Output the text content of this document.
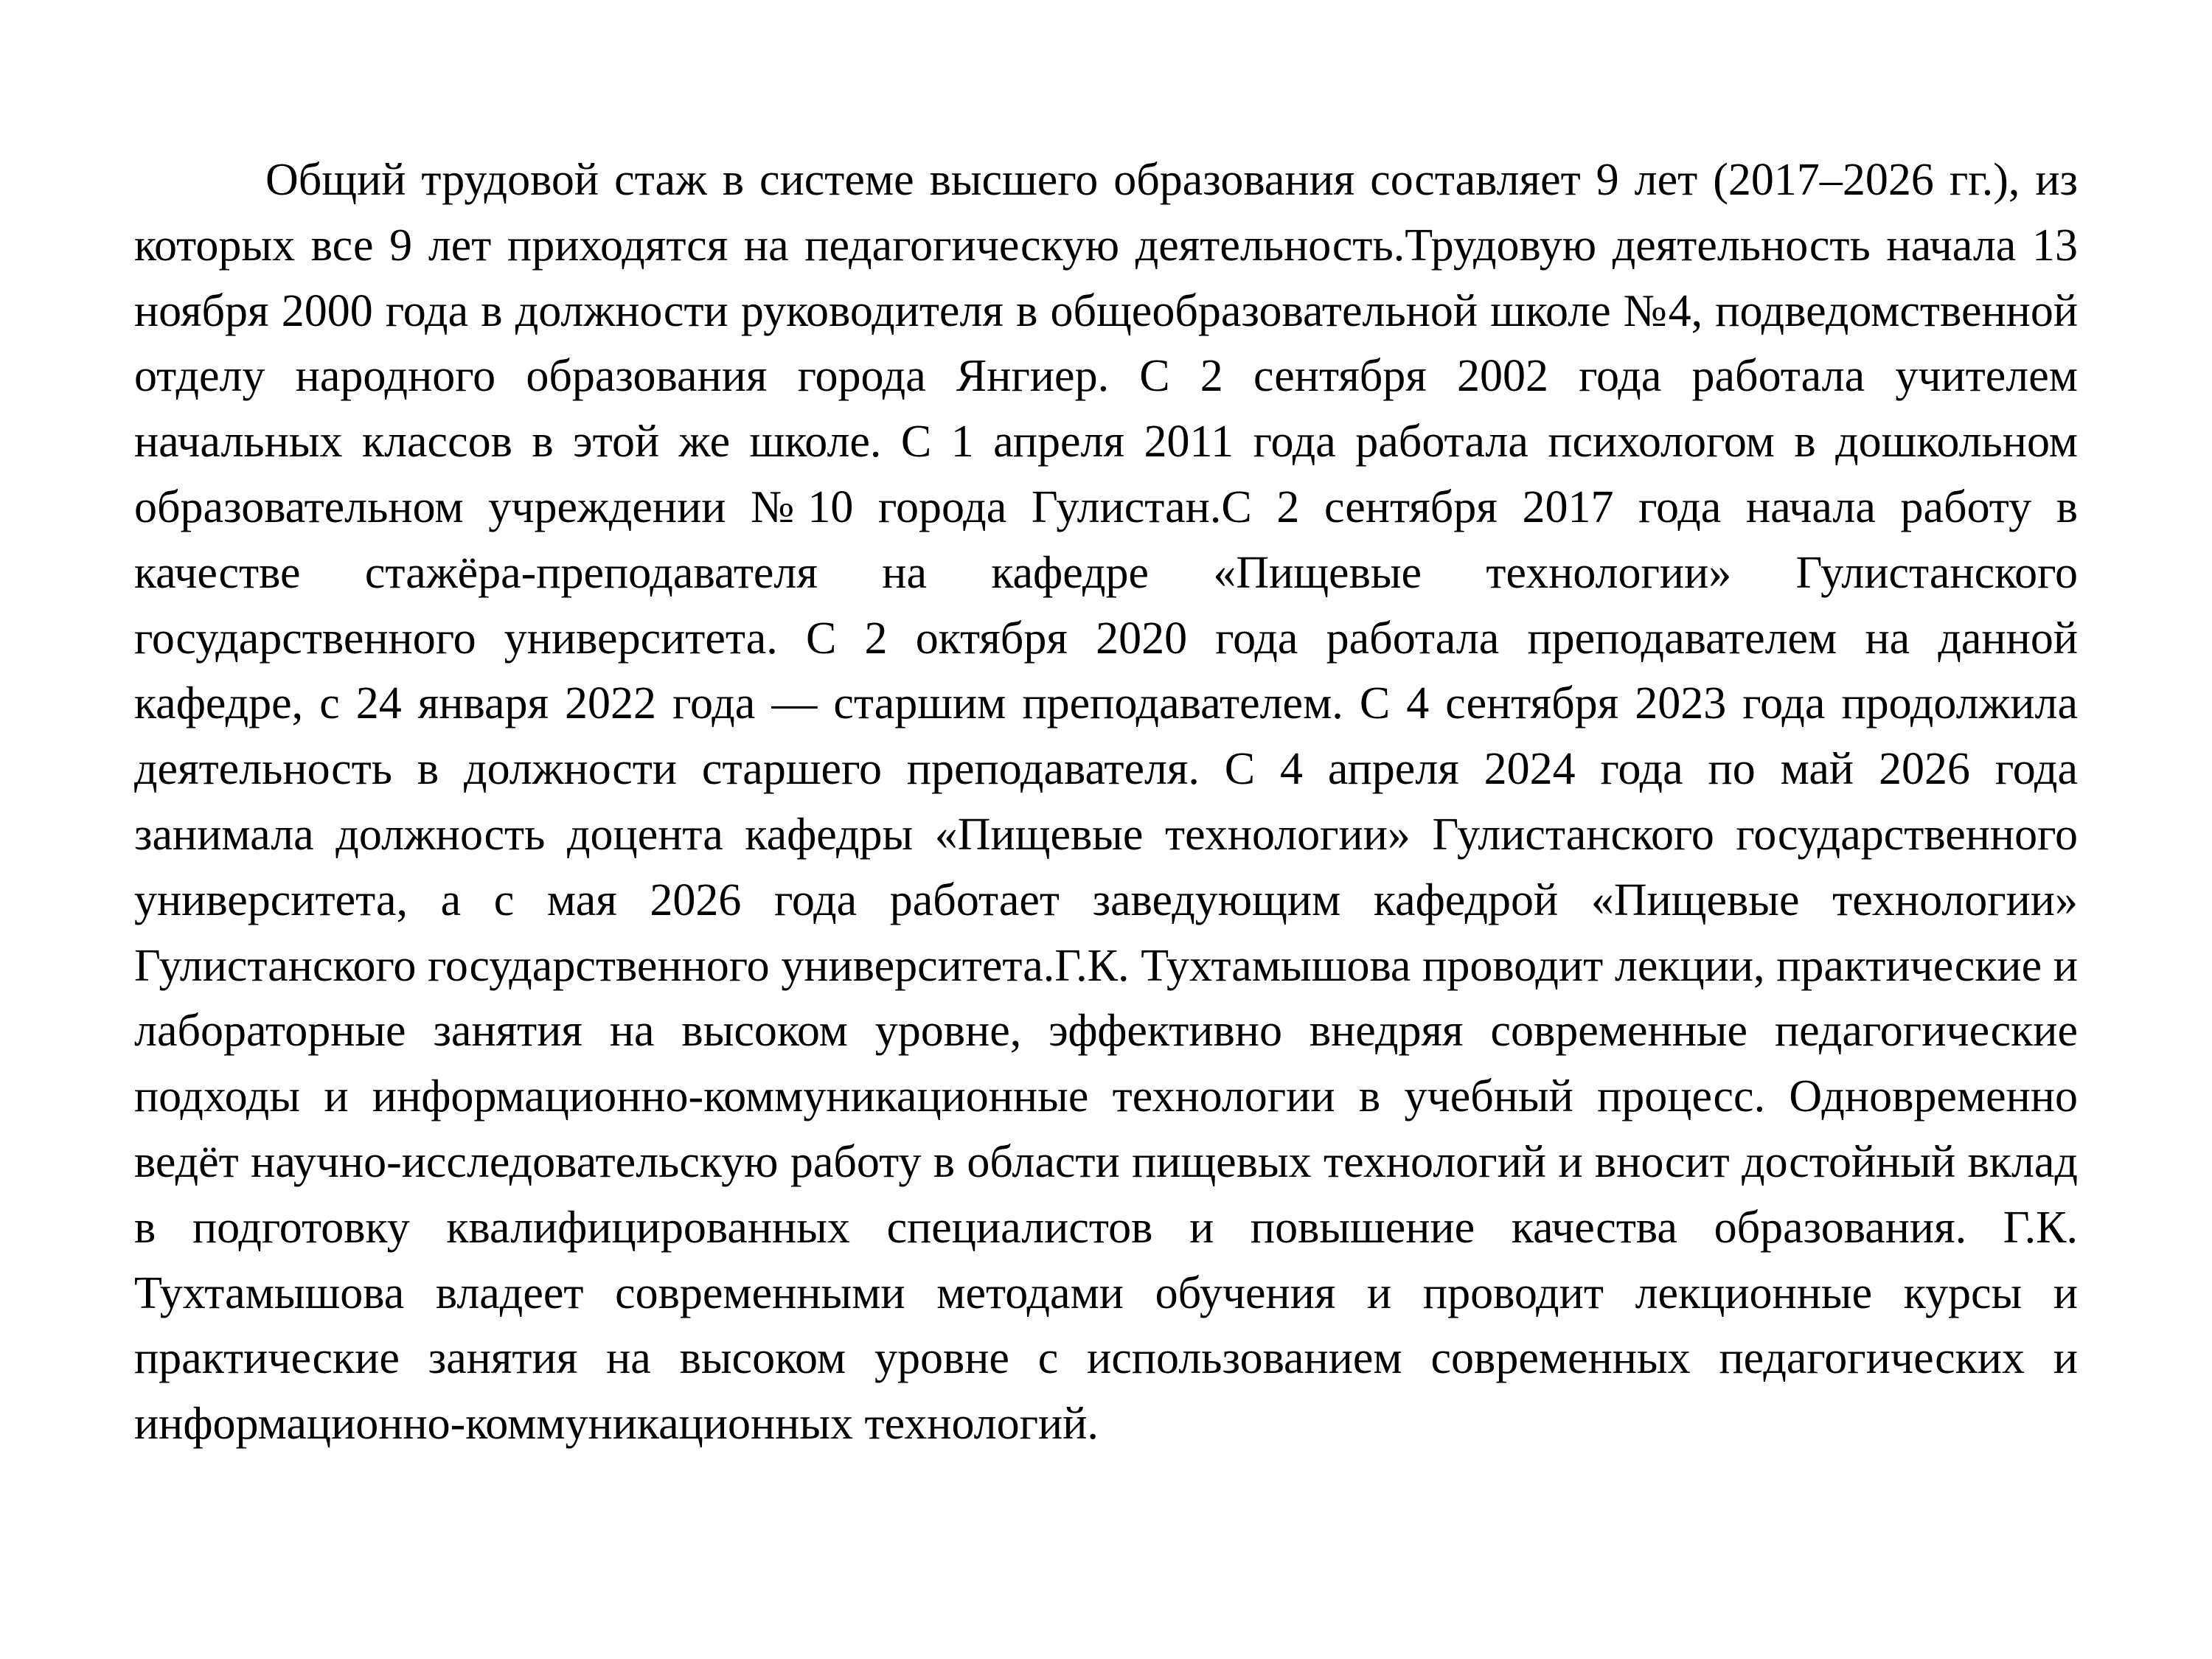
Общий трудовой стаж в системе высшего образования составляет 9 лет (2017–2026 гг.), из которых все 9 лет приходятся на педагогическую деятельность.Трудовую деятельность начала 13 ноября 2000 года в должности руководителя в общеобразовательной школе №4, подведомственной отделу народного образования города Янгиер. С 2 сентября 2002 года работала учителем начальных классов в этой же школе. С 1 апреля 2011 года работала психологом в дошкольном образовательном учреждении №10 города Гулистан.С 2 сентября 2017 года начала работу в качестве стажёра-преподавателя на кафедре «Пищевые технологии» Гулистанского государственного университета. С 2 октября 2020 года работала преподавателем на данной кафедре, с 24 января 2022 года — старшим преподавателем. С 4 сентября 2023 года продолжила деятельность в должности старшего преподавателя. С 4 апреля 2024 года по май 2026 года занимала должность доцента кафедры «Пищевые технологии» Гулистанского государственного университета, а с мая 2026 года работает заведующим кафедрой «Пищевые технологии» Гулистанского государственного университета.Г.К. Тухтамышова проводит лекции, практические и лабораторные занятия на высоком уровне, эффективно внедряя современные педагогические подходы и информационно-коммуникационные технологии в учебный процесс. Одновременно ведёт научно-исследовательскую работу в области пищевых технологий и вносит достойный вклад в подготовку квалифицированных специалистов и повышение качества образования. Г.К. Тухтамышова владеет современными методами обучения и проводит лекционные курсы и практические занятия на высоком уровне с использованием современных педагогических и информационно-коммуникационных технологий.
